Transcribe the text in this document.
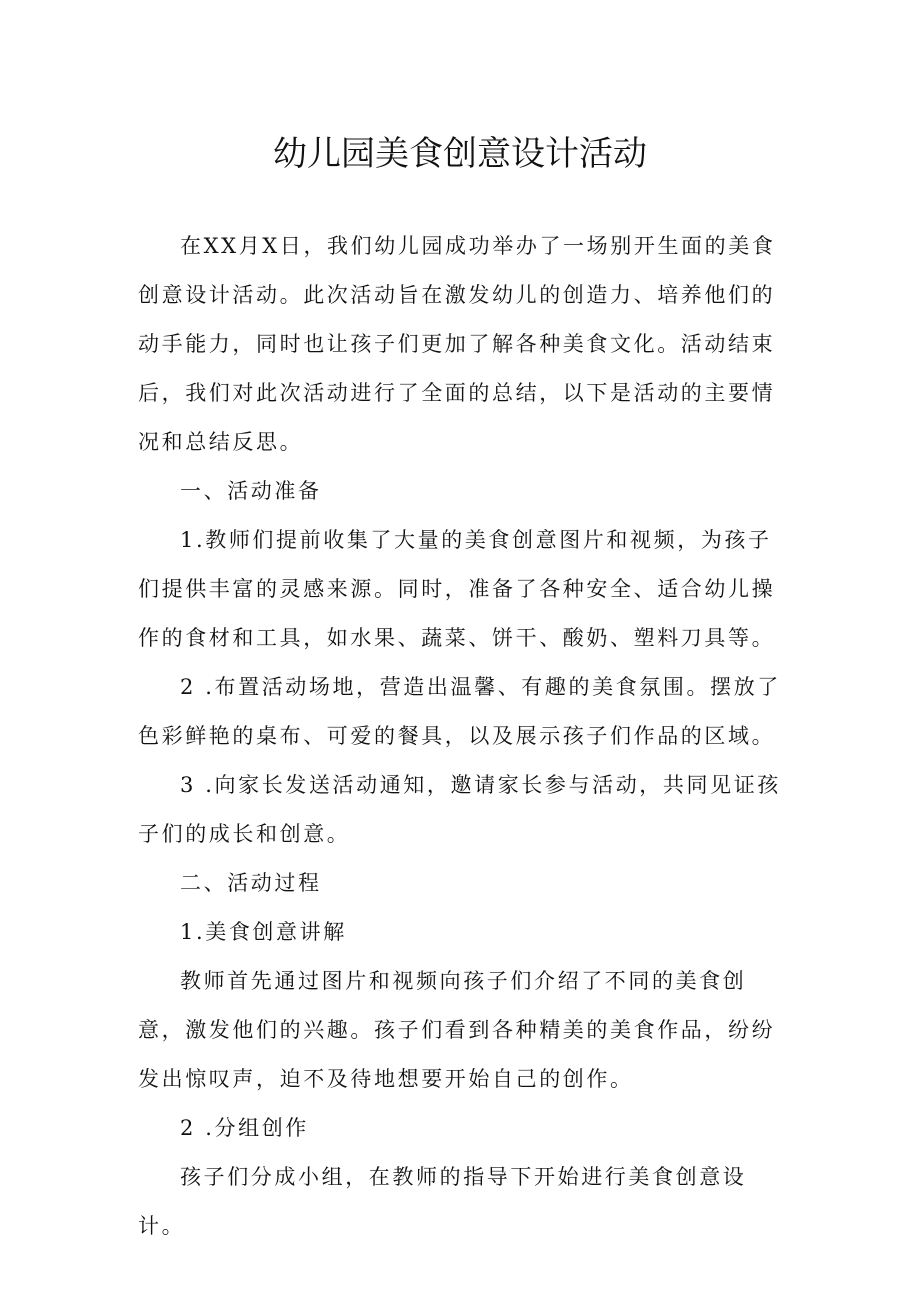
幼儿园美食创意设计活动

在XX月X日，我们幼儿园成功举办了一场别开生面的美食创意设计活动。此次活动旨在激发幼儿的创造力、培养他们的动手能力，同时也让孩子们更加了解各种美食文化。活动结束后，我们对此次活动进行了全面的总结，以下是活动的主要情况和总结反思。

一、活动准备

1.教师们提前收集了大量的美食创意图片和视频，为孩子们提供丰富的灵感来源。同时，准备了各种安全、适合幼儿操作的食材和工具，如水果、蔬菜、饼干、酸奶、塑料刀具等。

2 .布置活动场地，营造出温馨、有趣的美食氛围。摆放了色彩鲜艳的桌布、可爱的餐具，以及展示孩子们作品的区域。

3 .向家长发送活动通知，邀请家长参与活动，共同见证孩子们的成长和创意。

二、活动过程

1.美食创意讲解

教师首先通过图片和视频向孩子们介绍了不同的美食创意，激发他们的兴趣。孩子们看到各种精美的美食作品，纷纷发出惊叹声，迫不及待地想要开始自己的创作。

2 .分组创作

孩子们分成小组，在教师的指导下开始进行美食创意设计。
